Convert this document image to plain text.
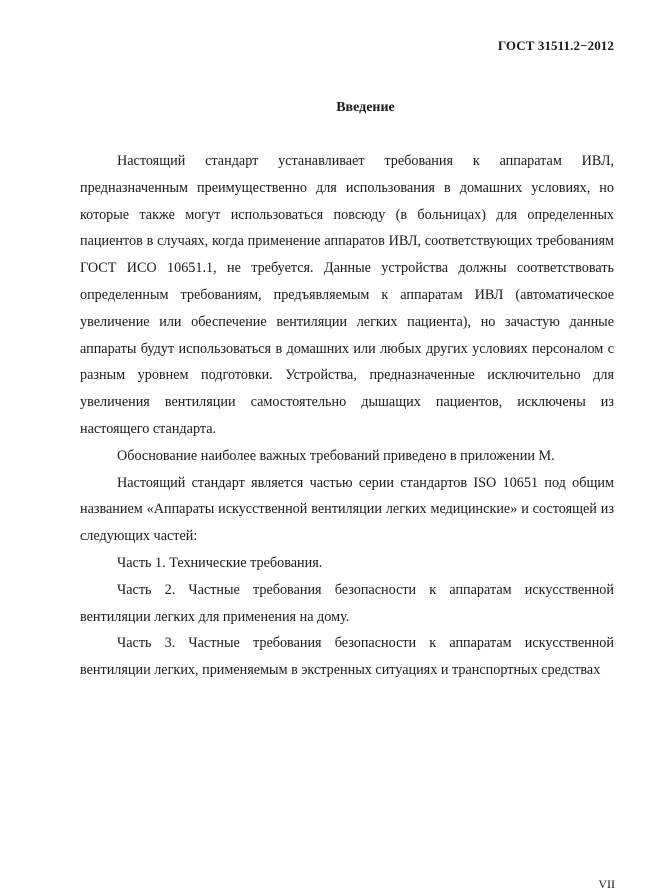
ГОСТ 31511.2−2012
Введение

Настоящий стандарт устанавливает требования к аппаратам ИВЛ, предназначенным преимущественно для использования в домашних условиях, но которые также могут использоваться повсюду (в больницах) для определенных пациентов в случаях, когда применение аппаратов ИВЛ, соответствующих требованиям ГОСТ ИСО 10651.1, не требуется. Данные устройства должны соответствовать определенным требованиям, предъявляемым к аппаратам ИВЛ (автоматическое увеличение или обеспечение вентиляции легких пациента), но зачастую данные аппараты будут использоваться в домашних или любых других условиях персоналом с разным уровнем подготовки. Устройства, предназначенные исключительно для увеличения вентиляции самостоятельно дышащих пациентов, исключены из настоящего стандарта.

Обоснование наиболее важных требований приведено в приложении М.

Настоящий стандарт является частью серии стандартов ISO 10651 под общим названием «Аппараты искусственной вентиляции легких медицинские» и состоящей из следующих частей:

Часть 1. Технические требования.

Часть 2. Частные требования безопасности к аппаратам искусственной вентиляции легких для применения на дому.

Часть 3. Частные требования безопасности к аппаратам искусственной вентиляции легких, применяемым в экстренных ситуациях и транспортных средствах

VII
